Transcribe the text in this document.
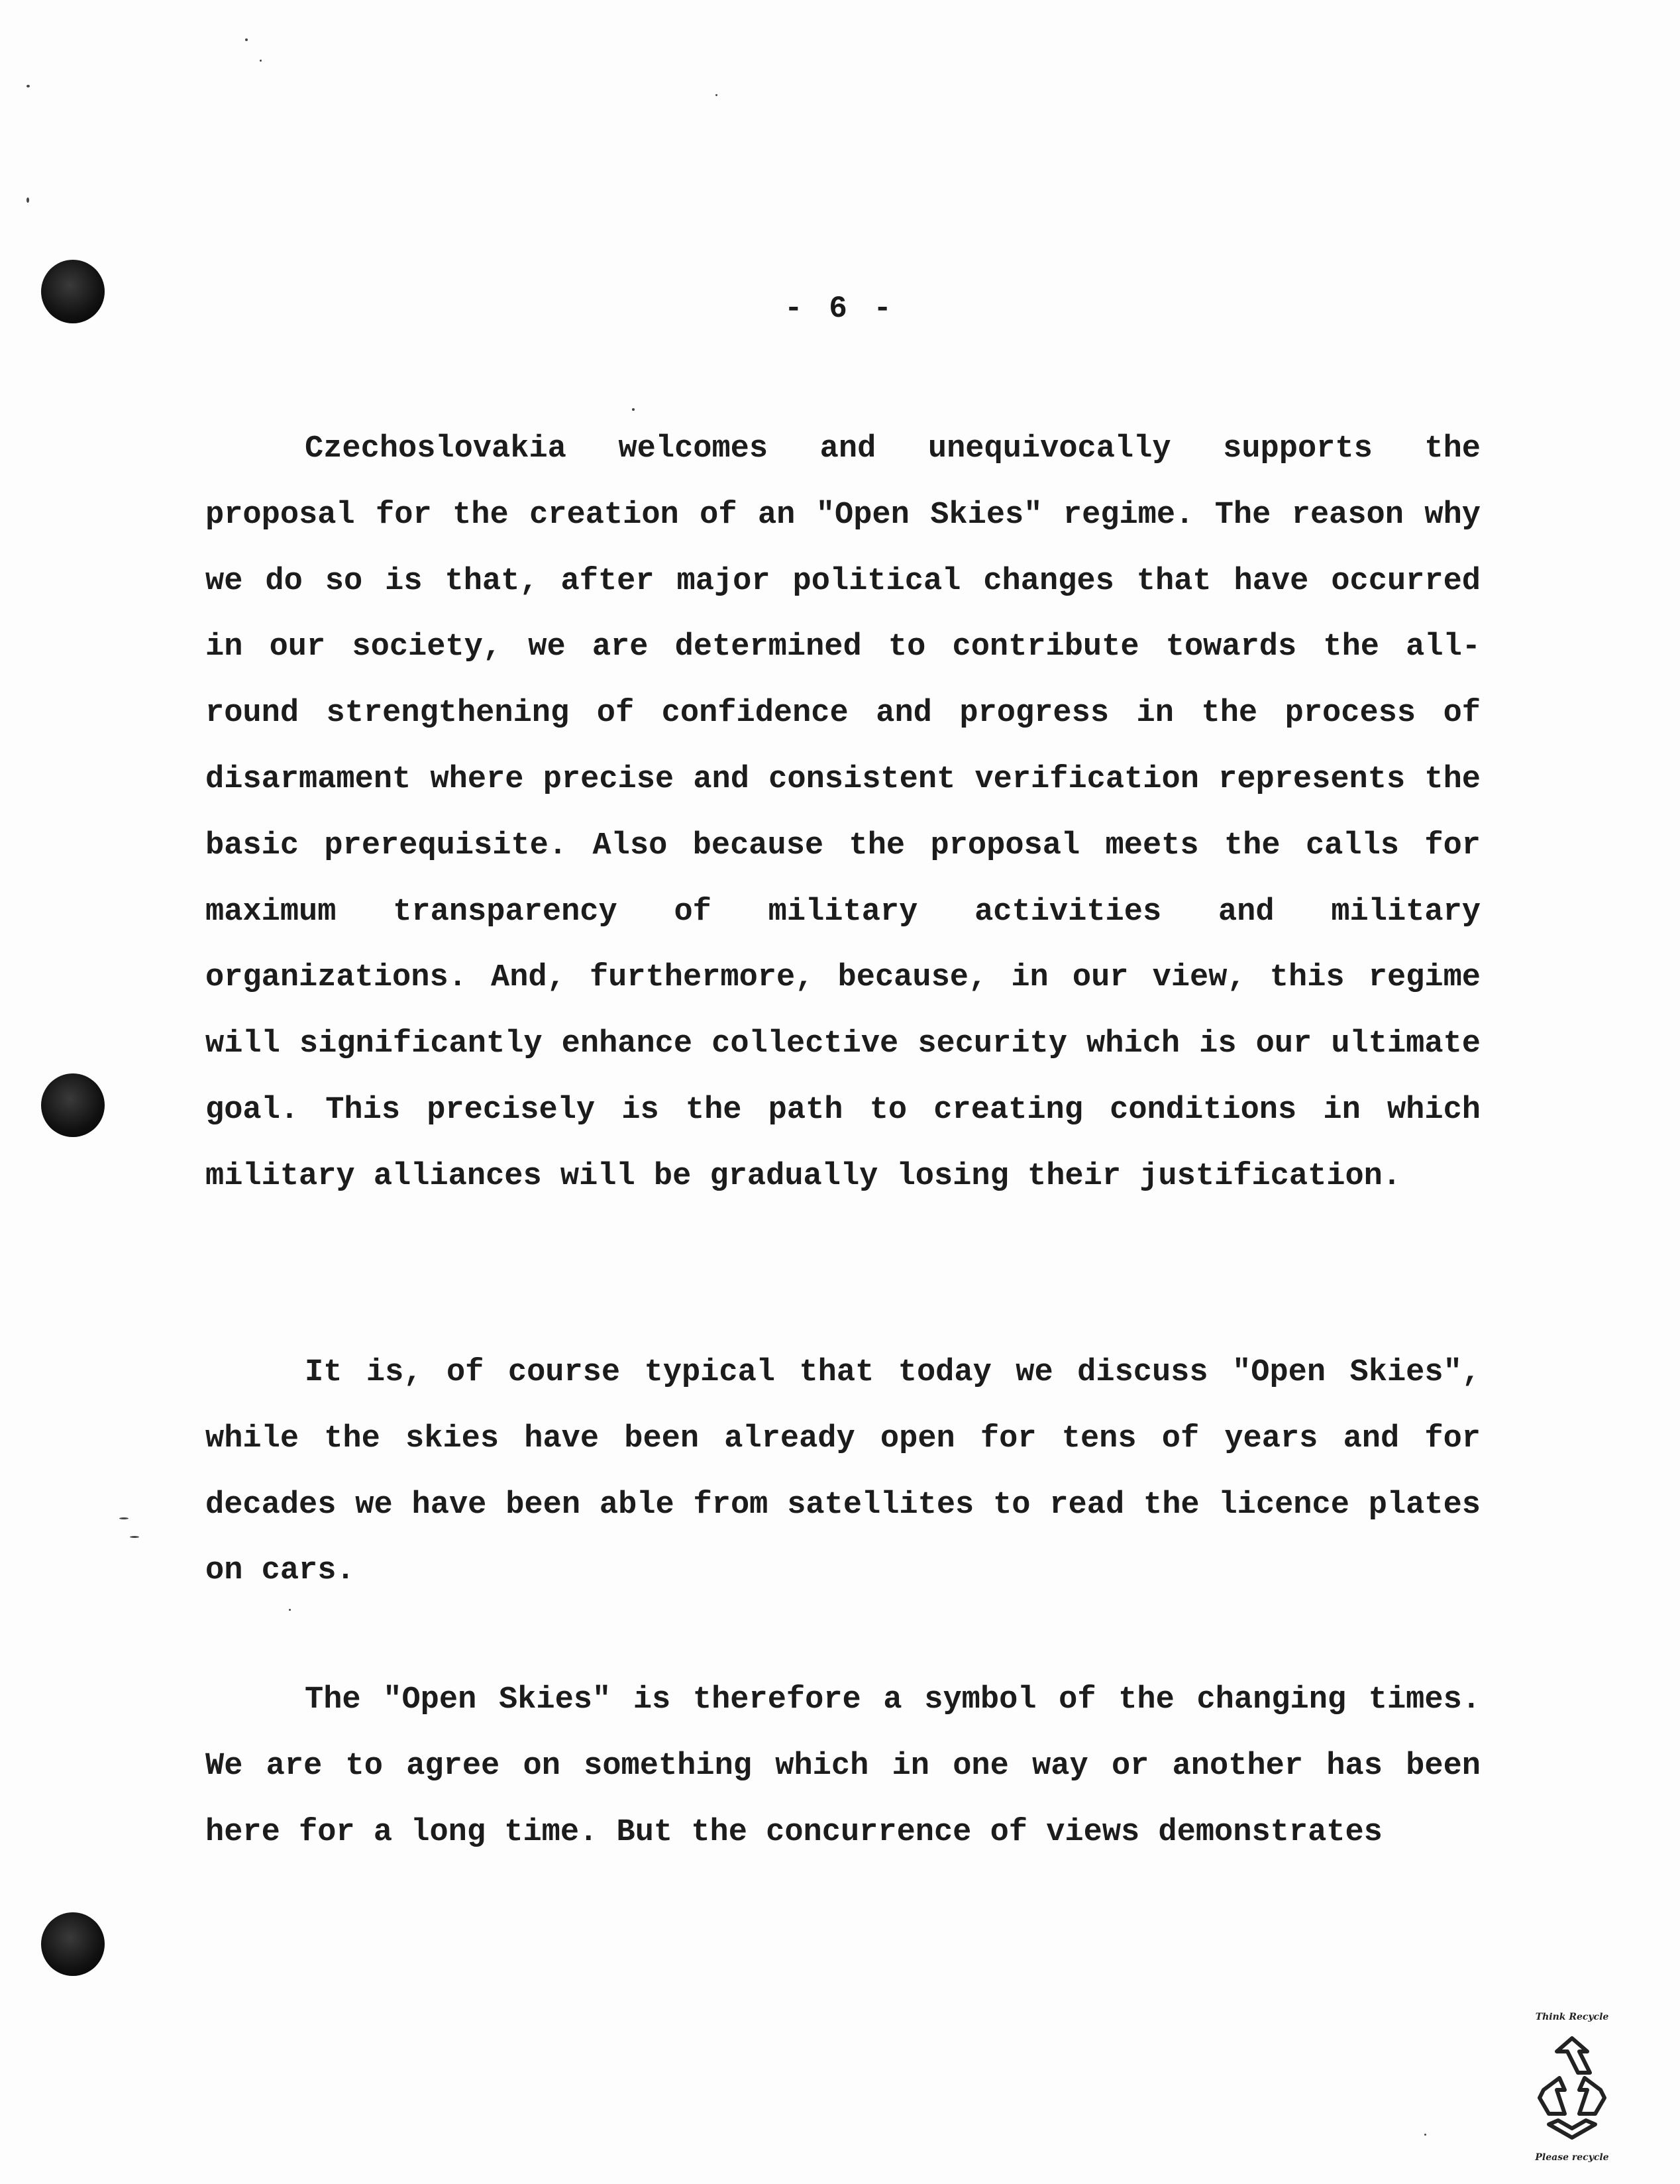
- 6 -

Czechoslovakia welcomes and unequivocally supports the proposal for the creation of an "Open Skies" regime. The reason why we do so is that, after major political changes that have occurred in our society, we are determined to contribute towards the all-round strengthening of confidence and progress in the process of disarmament where precise and consistent verification represents the basic prerequisite. Also because the proposal meets the calls for maximum transparency of military activities and military organizations. And, furthermore, because, in our view, this regime will significantly enhance collective security which is our ultimate goal. This precisely is the path to creating conditions in which military alliances will be gradually losing their justification.

It is, of course typical that today we discuss "Open Skies", while the skies have been already open for tens of years and for decades we have been able from satellites to read the licence plates on cars.

The "Open Skies" is therefore a symbol of the changing times. We are to agree on something which in one way or another has been here for a long time. But the concurrence of views demonstrates

Think Recycle
Please recycle
